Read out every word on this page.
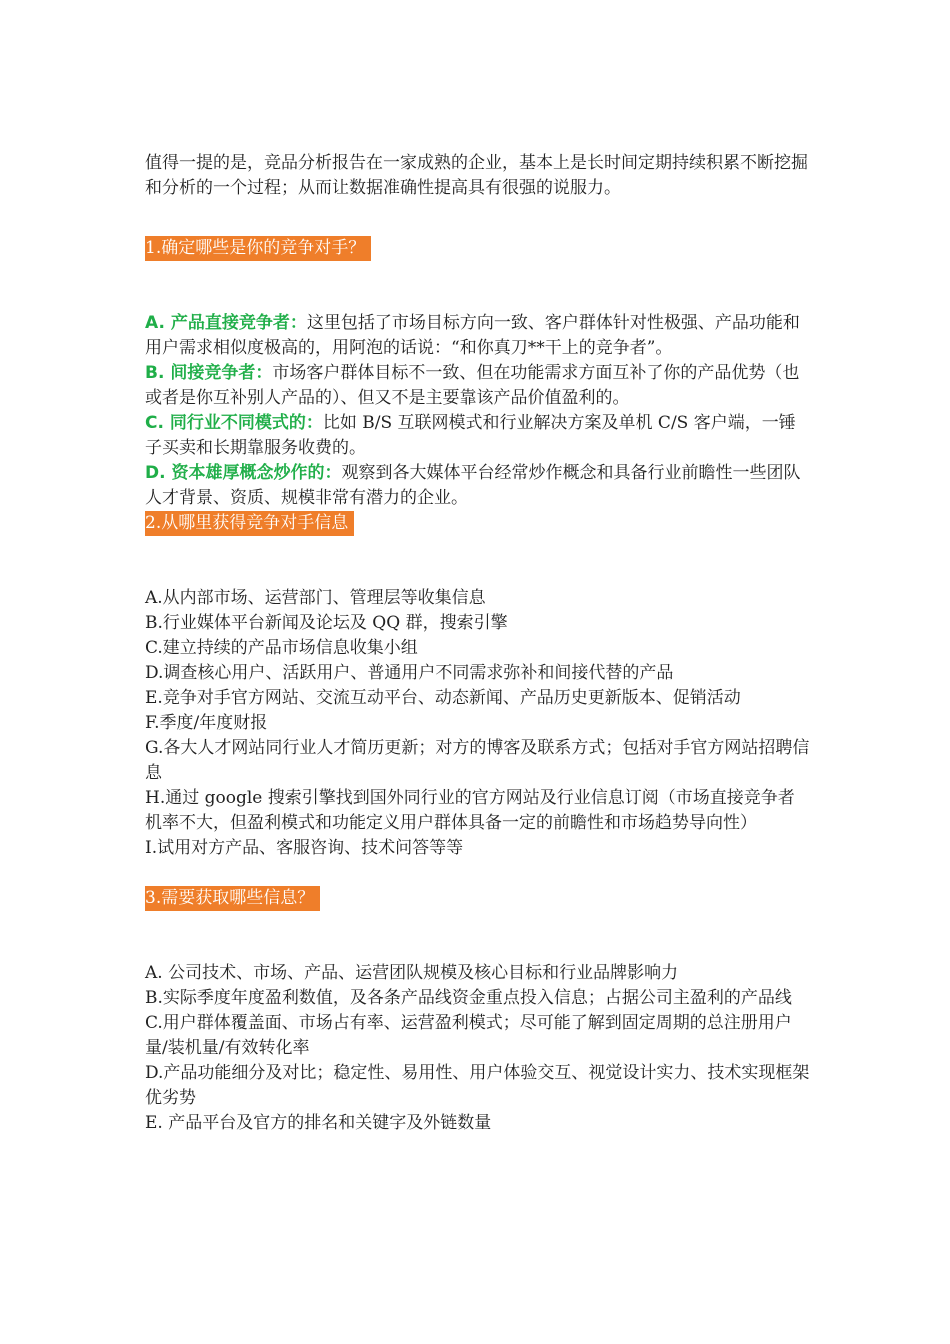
值得一提的是，竞品分析报告在一家成熟的企业，基本上是长时间定期持续积累不断挖掘和分析的一个过程；从而让数据准确性提高具有很强的说服力。

1.确定哪些是你的竞争对手？

A. 产品直接竞争者：这里包括了市场目标方向一致、客户群体针对性极强、产品功能和用户需求相似度极高的，用阿泡的话说：“和你真刀**干上的竞争者”。

B. 间接竞争者：市场客户群体目标不一致、但在功能需求方面互补了你的产品优势（也或者是你互补别人产品的）、但又不是主要靠该产品价值盈利的。

C. 同行业不同模式的：比如 B/S 互联网模式和行业解决方案及单机 C/S 客户端，一锤子买卖和长期靠服务收费的。

D. 资本雄厚概念炒作的：观察到各大媒体平台经常炒作概念和具备行业前瞻性一些团队人才背景、资质、规模非常有潜力的企业。

2.从哪里获得竞争对手信息

A.从内部市场、运营部门、管理层等收集信息

B.行业媒体平台新闻及论坛及 QQ 群，搜索引擎

C.建立持续的产品市场信息收集小组

D.调查核心用户、活跃用户、普通用户不同需求弥补和间接代替的产品

E.竞争对手官方网站、交流互动平台、动态新闻、产品历史更新版本、促销活动

F.季度/年度财报

G.各大人才网站同行业人才简历更新；对方的博客及联系方式；包括对手官方网站招聘信息

H.通过 google 搜索引擎找到国外同行业的官方网站及行业信息订阅（市场直接竞争者机率不大，但盈利模式和功能定义用户群体具备一定的前瞻性和市场趋势导向性）

I.试用对方产品、客服咨询、技术问答等等

3.需要获取哪些信息？

A. 公司技术、市场、产品、运营团队规模及核心目标和行业品牌影响力

B.实际季度年度盈利数值，及各条产品线资金重点投入信息；占据公司主盈利的产品线

C.用户群体覆盖面、市场占有率、运营盈利模式；尽可能了解到固定周期的总注册用户量/装机量/有效转化率

D.产品功能细分及对比；稳定性、易用性、用户体验交互、视觉设计实力、技术实现框架优劣势

E. 产品平台及官方的排名和关键字及外链数量
